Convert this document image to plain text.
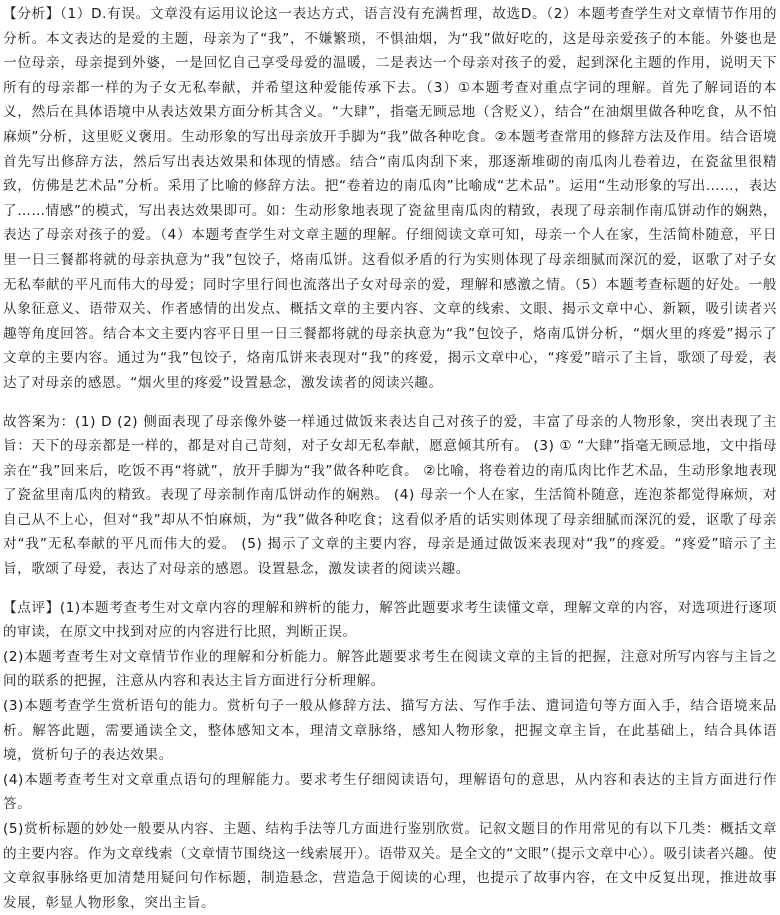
【分析】（1）D.有误。文章没有运用议论这一表达方式，语言没有充满哲理，故选D。（2）本题考查学生对文章情节作用的分析。本文表达的是爱的主题，母亲为了“我”，不嫌繁琐，不惧油烟，为“我”做好吃的，这是母亲爱孩子的本能。外婆也是一位母亲，母亲提到外婆，一是回忆自己享受母爱的温暖，二是表达一个母亲对孩子的爱，起到深化主题的作用，说明天下所有的母亲都一样的为子女无私奉献，并希望这种爱能传承下去。（3）①本题考查对重点字词的理解。首先了解词语的本义，然后在具体语境中从表达效果方面分析其含义。“大肆”，指毫无顾忌地（含贬义），结合“在油烟里做各种吃食，从不怕麻烦”分析，这里贬义褒用。生动形象的写出母亲放开手脚为“我”做各种吃食。②本题考查常用的修辞方法及作用。结合语境首先写出修辞方法，然后写出表达效果和体现的情感。结合“南瓜肉刮下来，那逐渐堆砌的南瓜肉儿卷着边，在瓷盆里很精致，仿佛是艺术品”分析。采用了比喻的修辞方法。把“卷着边的南瓜肉”比喻成“艺术品”。运用“生动形象的写出……，表达了……情感”的模式，写出表达效果即可。如：生动形象地表现了瓷盆里南瓜肉的精致，表现了母亲制作南瓜饼动作的娴熟，表达了母亲对孩子的爱。（4）本题考查学生对文章主题的理解。仔细阅读文章可知，母亲一个人在家，生活简朴随意，平日里一日三餐都将就的母亲执意为“我”包饺子，烙南瓜饼。这看似矛盾的行为实则体现了母亲细腻而深沉的爱，讴歌了对子女无私奉献的平凡而伟大的母爱；同时字里行间也流落出子女对母亲的爱，理解和感激之情。（5）本题考查标题的好处。一般从象征意义、语带双关、作者感情的出发点、概括文章的主要内容、文章的线索、文眼、揭示文章中心、新颖，吸引读者兴趣等角度回答。结合本文主要内容平日里一日三餐都将就的母亲执意为“我”包饺子，烙南瓜饼分析，“烟火里的疼爱”揭示了文章的主要内容。通过为“我”包饺子，烙南瓜饼来表现对“我”的疼爱，揭示文章中心，“疼爱”暗示了主旨，歌颂了母爱，表达了对母亲的感恩。“烟火里的疼爱”设置悬念，激发读者的阅读兴趣。

故答案为：(1) D (2) 侧面表现了母亲像外婆一样通过做饭来表达自己对孩子的爱，丰富了母亲的人物形象，突出表现了主旨：天下的母亲都是一样的，都是对自己苛刻，对子女却无私奉献，愿意倾其所有。 (3) ① “大肆”指毫无顾忌地，文中指母亲在“我”回来后，吃饭不再“将就”，放开手脚为“我”做各种吃食。 ②比喻，将卷着边的南瓜肉比作艺术品，生动形象地表现了瓷盆里南瓜肉的精致。表现了母亲制作南瓜饼动作的娴熟。 (4) 母亲一个人在家，生活简朴随意，连泡茶都觉得麻烦，对自己从不上心，但对“我”却从不怕麻烦，为“我”做各种吃食；这看似矛盾的话实则体现了母亲细腻而深沉的爱，讴歌了母亲对“我”无私奉献的平凡而伟大的爱。 (5) 揭示了文章的主要内容，母亲是通过做饭来表现对“我”的疼爱。“疼爱”暗示了主旨，歌颂了母爱，表达了对母亲的感恩。设置悬念，激发读者的阅读兴趣。

【点评】(1)本题考查考生对文章内容的理解和辨析的能力，解答此题要求考生读懂文章，理解文章的内容，对选项进行逐项的审读，在原文中找到对应的内容进行比照，判断正误。

(2)本题考查考生对文章情节作业的理解和分析能力。解答此题要求考生在阅读文章的主旨的把握，注意对所写内容与主旨之间的联系的把握，注意从内容和表达主旨方面进行分析理解。

(3)本题考查学生赏析语句的能力。赏析句子一般从修辞方法、描写方法、写作手法、遣词造句等方面入手，结合语境来品析。解答此题，需要通读全文，整体感知文本，理清文章脉络，感知人物形象，把握文章主旨，在此基础上，结合具体语境，赏析句子的表达效果。

(4)本题考查考生对文章重点语句的理解能力。要求考生仔细阅读语句，理解语句的意思，从内容和表达的主旨方面进行作答。

(5)赏析标题的妙处一般要从内容、主题、结构手法等几方面进行鉴别欣赏。记叙文题目的作用常见的有以下几类：概括文章的主要内容。作为文章线索（文章情节围绕这一线索展开）。语带双关。是全文的“文眼”（提示文章中心）。吸引读者兴趣。使文章叙事脉络更加清楚用疑问句作标题，制造悬念，营造急于阅读的心理，也提示了故事内容，在文中反复出现，推进故事发展，彰显人物形象，突出主旨。
